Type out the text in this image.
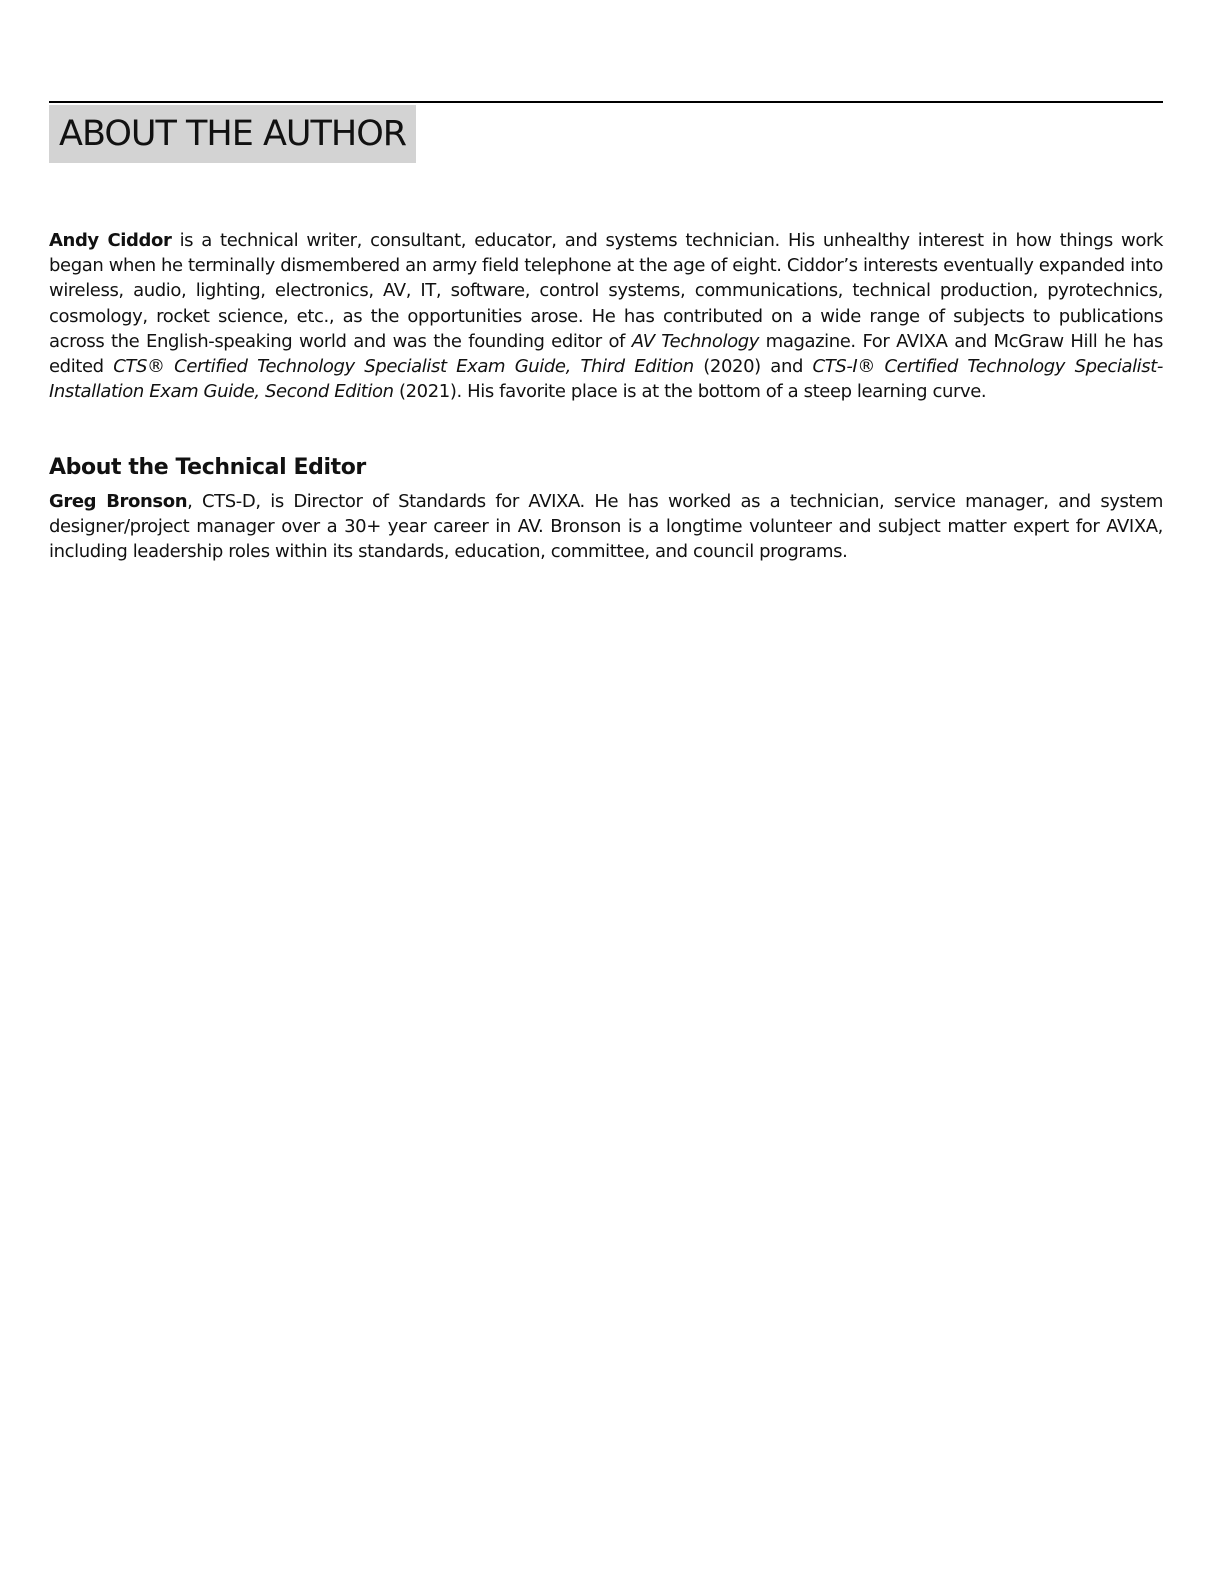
ABOUT THE AUTHOR

Andy Ciddor is a technical writer, consultant, educator, and systems technician. His unhealthy interest in how things work began when he terminally dismembered an army field telephone at the age of eight. Ciddor’s interests eventually expanded into wireless, audio, lighting, electronics, AV, IT, software, control systems, communications, technical production, pyrotechnics, cosmology, rocket science, etc., as the opportunities arose. He has contributed on a wide range of subjects to publications across the English-speaking world and was the founding editor of AV Technology magazine. For AVIXA and McGraw Hill he has edited CTS® Certified Technology Specialist Exam Guide, Third Edition (2020) and CTS-I® Certified Technology Specialist-Installation Exam Guide, Second Edition (2021). His favorite place is at the bottom of a steep learning curve.

About the Technical Editor

Greg Bronson, CTS-D, is Director of Standards for AVIXA. He has worked as a technician, service manager, and system designer/project manager over a 30+ year career in AV. Bronson is a longtime volunteer and subject matter expert for AVIXA, including leadership roles within its standards, education, committee, and council programs.
